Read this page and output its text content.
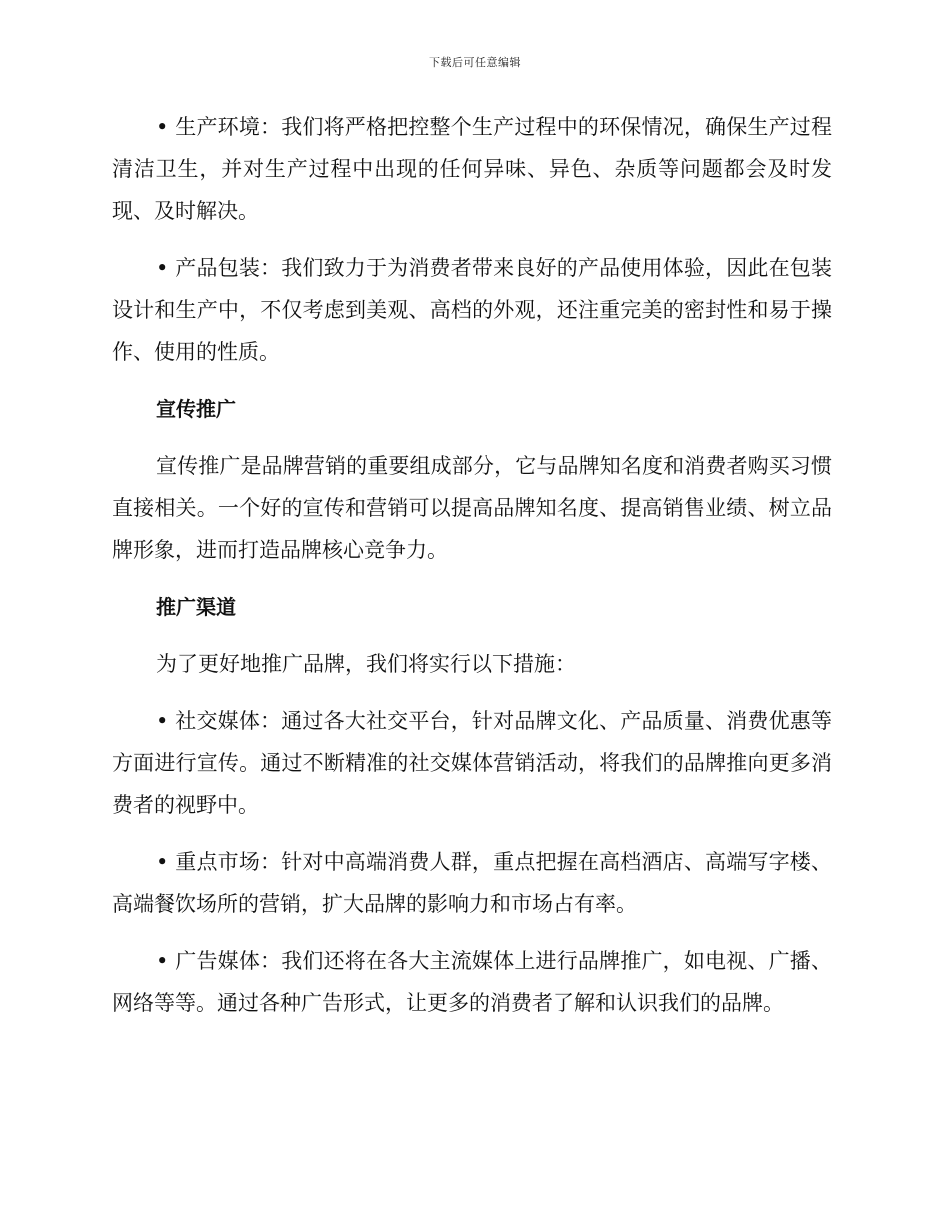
下载后可任意编辑

• 生产环境：我们将严格把控整个生产过程中的环保情况，确保生产过程清洁卫生，并对生产过程中出现的任何异味、异色、杂质等问题都会及时发现、及时解决。

• 产品包装：我们致力于为消费者带来良好的产品使用体验，因此在包装设计和生产中，不仅考虑到美观、高档的外观，还注重完美的密封性和易于操作、使用的性质。

宣传推广

宣传推广是品牌营销的重要组成部分，它与品牌知名度和消费者购买习惯直接相关。一个好的宣传和营销可以提高品牌知名度、提高销售业绩、树立品牌形象，进而打造品牌核心竞争力。

推广渠道

为了更好地推广品牌，我们将实行以下措施：

• 社交媒体：通过各大社交平台，针对品牌文化、产品质量、消费优惠等方面进行宣传。通过不断精准的社交媒体营销活动，将我们的品牌推向更多消费者的视野中。

• 重点市场：针对中高端消费人群，重点把握在高档酒店、高端写字楼、高端餐饮场所的营销，扩大品牌的影响力和市场占有率。

• 广告媒体：我们还将在各大主流媒体上进行品牌推广，如电视、广播、网络等等。通过各种广告形式，让更多的消费者了解和认识我们的品牌。
